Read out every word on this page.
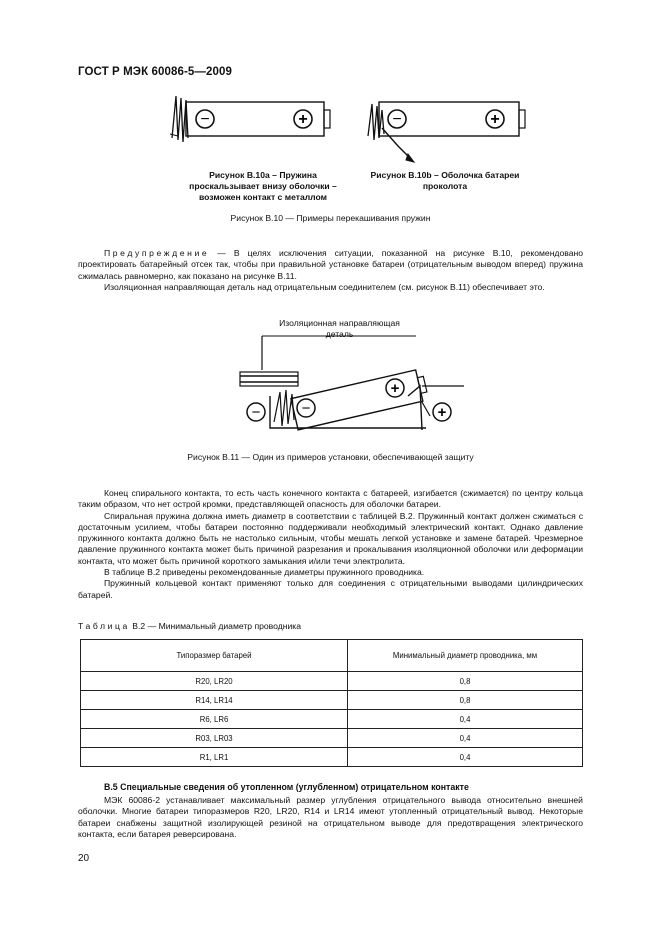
ГОСТ Р МЭК 60086-5—2009
−	+	−	+
Рисунок В.10а – Пружина
проскальзывает внизу оболочки –
возможен контакт с металлом
Рисунок В.10b – Оболочка батареи
проколота
Рисунок В.10 — Примеры перекашивания пружин
Предупреждение — В целях исключения ситуации, показанной на рисунке В.10, рекомендовано проектировать батарейный отсек так, чтобы при правильной установке батареи (отрицательным выводом вперед) пружина сжималась равномерно, как показано на рисунке В.11.
Изоляционная направляющая деталь над отрицательным соединителем (см. рисунок В.11) обеспечивает это.
Изоляционная направляющая
деталь
−	−
+
+
Рисунок В.11 — Один из примеров установки, обеспечивающей защиту
Конец спирального контакта, то есть часть конечного контакта с батареей, изгибается (сжимается) по центру кольца таким образом, что нет острой кромки, представляющей опасность для оболочки батареи.
Спиральная пружина должна иметь диаметр в соответствии с таблицей В.2. Пружинный контакт должен сжиматься с достаточным усилием, чтобы батареи постоянно поддерживали необходимый электрический контакт. Однако давление пружинного контакта должно быть не настолько сильным, чтобы мешать легкой установке и замене батарей. Чрезмерное давление пружинного контакта может быть причиной разрезания и прокалывания изоляционной оболочки или деформации контакта, что может быть причиной короткого замыкания и/или течи электролита.
В таблице В.2 приведены рекомендованные диаметры пружинного проводника.
Пружинный кольцевой контакт применяют только для соединения с отрицательными выводами цилиндрических батарей.
Таблица В.2 — Минимальный диаметр проводника
Типоразмер батарей	Минимальный диаметр проводника, мм
R20, LR20	0,8
R14, LR14	0,8
R6, LR6	0,4
R03, LR03	0,4
R1, LR1	0,4
В.5 Специальные сведения об утопленном (углубленном) отрицательном контакте
МЭК 60086-2 устанавливает максимальный размер углубления отрицательного вывода относительно внешней оболочки. Многие батареи типоразмеров R20, LR20, R14 и LR14 имеют утопленный отрицательный вывод. Некоторые батареи снабжены защитной изолирующей резиной на отрицательном выводе для предотвращения электрического контакта, если батарея реверсирована.
20
